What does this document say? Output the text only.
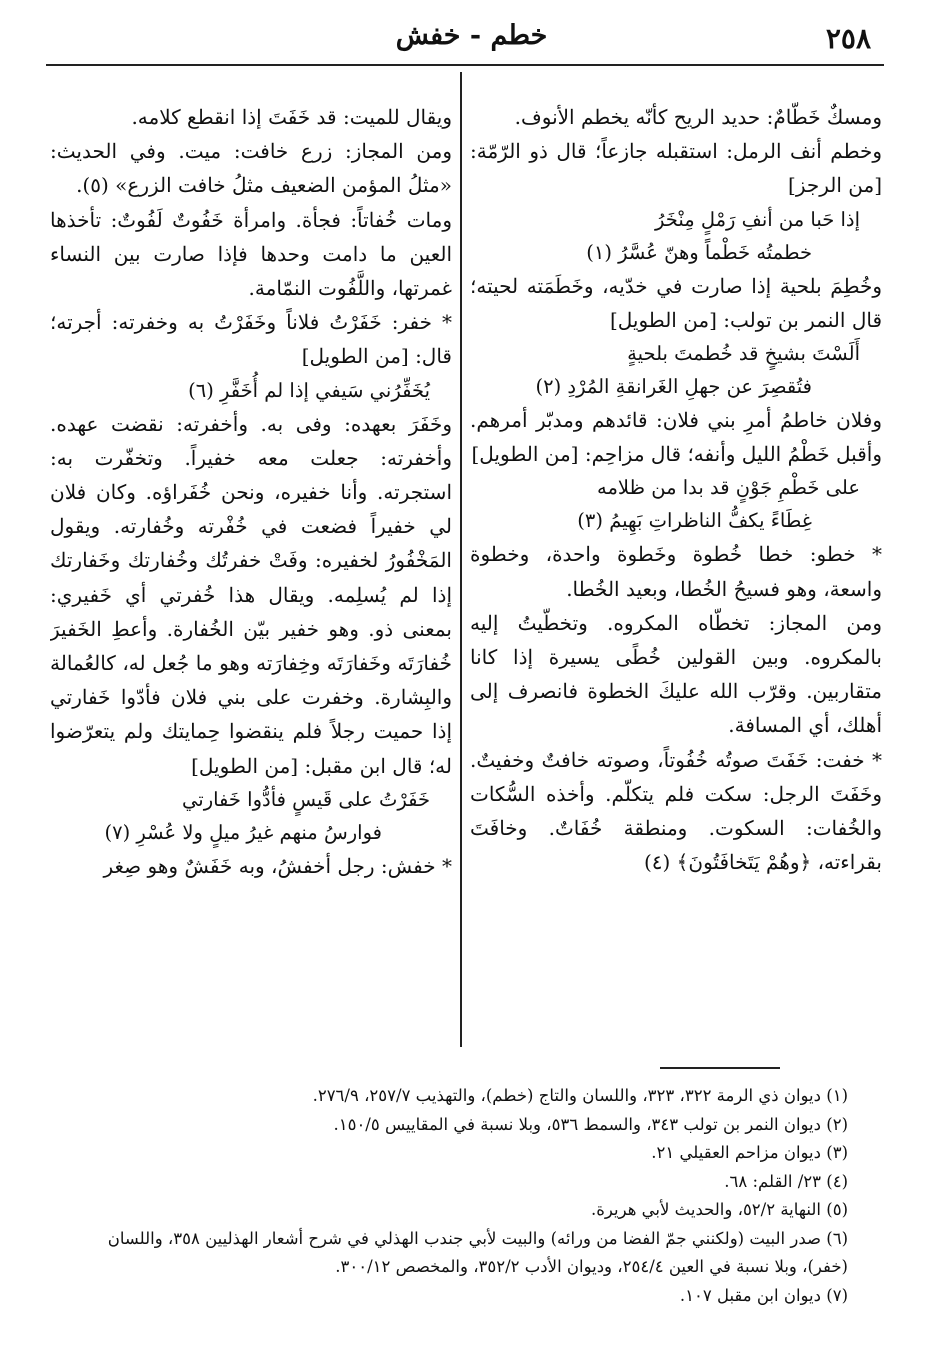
٢٥٨
خطم - خفش

ومسكٌ خَطّامٌ: حديد الريح كأنّه يخطم الأنوف.

وخطم أنف الرمل: استقبله جازعاً؛ قال ذو الرّمّة: [من الرجز]

إذا حَبا من أنفِ رَمْلٍ مِنْخَرُ
خطمتُه خَطْماً وهنّ عُسَّرُ (١)

وخُطِمَ بلحية إذا صارت في خدّيه، وخَطَمَته لحيته؛ قال النمر بن تولب: [من الطويل]

أَلَسْتَ بشيخٍ قد خُطمتَ بلحيةٍ
فتُقصِرَ عن جهلِ الغَرانقةِ المُرْدِ (٢)

وفلان خاطمُ أمرِ بني فلان: قائدهم ومدبّر أمرهم. وأقبل خَطْمُ الليل وأنفه؛ قال مزاحِم: [من الطويل]

على خَطْمِ جَوْنٍ قد بدا من ظلامه
غِطَاءً يكفُّ الناظراتِ بَهِيمُ (٣)

* خطو: خطا خُطوة وخَطوة واحدة، وخطوة واسعة، وهو فسيحُ الخُطا، وبعيد الخُطا.

ومن المجاز: تخطّاه المكروه. وتخطّيتُ إليه بالمكروه. وبين القولين خُطًى يسيرة إذا كانا متقاربين. وقرّب الله عليكَ الخطوة فانصرف إلى أهلك، أي المسافة.

* خفت: خَفَتَ صوتُه خُفُوتاً، وصوته خافتٌ وخفيتٌ. وخَفَتَ الرجل: سكت فلم يتكلّم. وأخذه السُّكات والخُفات: السكوت. ومنطقة خُفَاتٌ. وخافَتَ بقراءته، ﴿وهُمْ يَتَخافَتُونَ﴾ (٤)

ويقال للميت: قد خَفَتَ إذا انقطع كلامه.

ومن المجاز: زرع خافت: ميت. وفي الحديث: «مثلُ المؤمن الضعيف مثلُ خافت الزرع» (٥).

ومات خُفاتاً: فجأة. وامرأة خَفُوتٌ لَفُوتٌ: تأخذها العين ما دامت وحدها فإذا صارت بين النساء غمرتها، واللَّفُوت النمّامة.

* خفر: خَفَرْتُ فلاناً وخَفَرْتُ به وخفرته: أجرته؛ قال: [من الطويل]

يُخَفِّرُني سَيفي إذا لم أُخَفَّرِ (٦)

وخَفَرَ بعهده: وفى به. وأخفرته: نقضت عهده. وأخفرته: جعلت معه خفيراً. وتخفّرت به: استجرته. وأنا خفيره، ونحن خُفَراؤه. وكان فلان لي خفيراً فضعت في خُفْرته وخُفارته. ويقول المَخْفُورُ لخفيره: وفَتْ خفرتُك وخُفارتك وخَفارتك إذا لم يُسلِمه. ويقال هذا خُفرتي أي خَفيري: بمعنى ذو. وهو خفير بيّن الخُفارة. وأعطِ الخَفيرَ خُفارَتَه وخَفارَتَه وخِفارَته وهو ما جُعل له، كالعُمالة والبِشارة. وخفرت على بني فلان فأدّوا خَفارتي إذا حميت رجلاً فلم ينقضوا حِمايتك ولم يتعرّضوا له؛ قال ابن مقبل: [من الطويل]

خَفَرْتُ على قَيسٍ فأدُّوا خَفارتي
فوارسُ منهم غيرُ ميلٍ ولا عُسْرِ (٧)

* خفش: رجل أخفشُ، وبه خَفَشٌ وهو صِغر

(١) ديوان ذي الرمة ٣٢٢، ٣٢٣، واللسان والتاج (خطم)، والتهذيب ٢٥٧/٧، ٢٧٦/٩.

(٢) ديوان النمر بن تولب ٣٤٣، والسمط ٥٣٦، وبلا نسبة في المقاييس ١٥٠/٥.

(٣) ديوان مزاحم العقيلي ٢١.

(٤) ٢٣/ القلم: ٦٨.

(٥) النهاية ٥٢/٢، والحديث لأبي هريرة.

(٦) صدر البيت (ولكنني جمّ الفضا من ورائه) والبيت لأبي جندب الهذلي في شرح أشعار الهذليين ٣٥٨، واللسان (خفر)، وبلا نسبة في العين ٢٥٤/٤، وديوان الأدب ٣٥٢/٢، والمخصص ٣٠٠/١٢.

(٧) ديوان ابن مقبل ١٠٧.
